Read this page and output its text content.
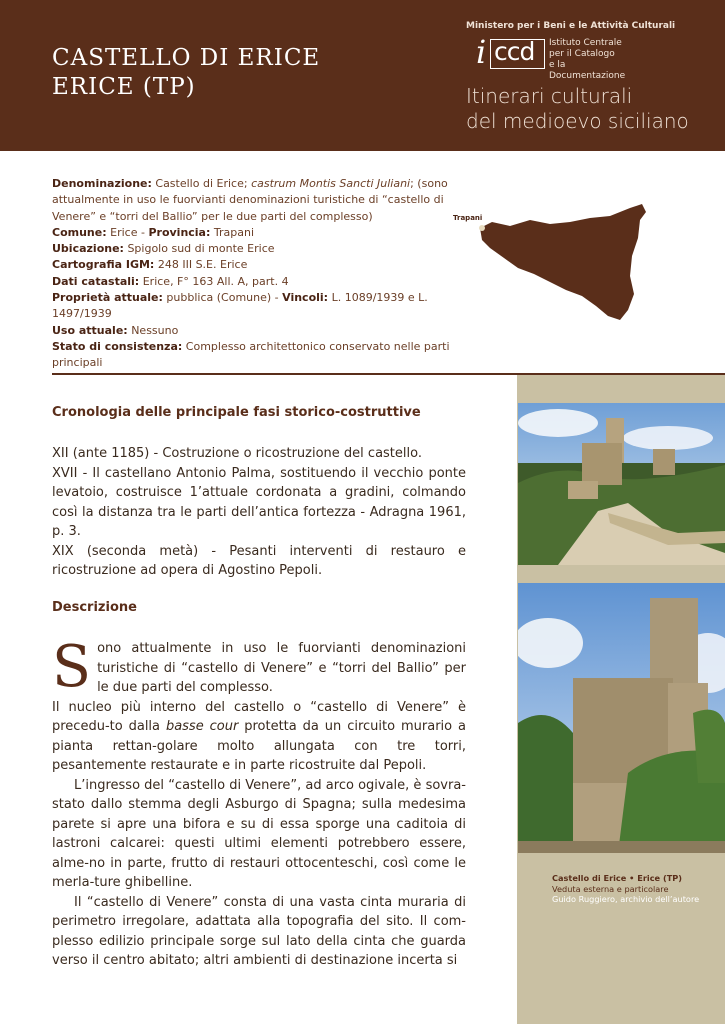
CASTELLO DI ERICE
ERICE (TP)
Ministero per i Beni e le Attività Culturali
i ccd Istituto Centrale
per il Catalogo
e la Documentazione
Itinerari culturali
del medioevo siciliano
Denominazione: Castello di Erice; castrum Montis Sancti Juliani; (sono attualmente in uso le fuorvianti denominazioni turistiche di “castello di Venere” e “torri del Ballio” per le due parti del complesso)
Comune: Erice - Provincia: Trapani
Ubicazione: Spigolo sud di monte Erice
Cartografia IGM: 248 III S.E. Erice
Dati catastali: Erice, F° 163 All. A, part. 4
Proprietà attuale: pubblica (Comune) - Vincoli: L. 1089/1939 e L. 1497/1939
Uso attuale: Nessuno
Stato di consistenza: Complesso architettonico conservato nelle parti principali
Trapani
Castello di Erice • Erice (TP)
Veduta esterna e particolare
Guido Ruggiero, archivio dell’autore
Cronologia delle principale fasi storico-costruttive
XII (ante 1185) - Costruzione o ricostruzione del castello.
XVII - Il castellano Antonio Palma, sostituendo il vecchio ponte levatoio, costruisce 1’attuale cordonata a gradini, colmando così la distanza tra le parti dell’antica fortezza - Adragna 1961, p. 3.
XIX (seconda metà) - Pesanti interventi di restauro e ricostruzione ad opera di Agostino Pepoli.
Descrizione

Sono attualmente in uso le fuorvianti denominazioni turistiche di “castello di Venere” e “torri del Ballio” per le due parti del complesso.

Il nucleo più interno del castello o “castello di Venere” è precedu-to dalla basse cour protetta da un circuito murario a pianta rettan-golare molto allungata con tre torri, pesantemente restaurate e in parte ricostruite dal Pepoli.

L’ingresso del “castello di Venere”, ad arco ogivale, è sovra-stato dallo stemma degli Asburgo di Spagna; sulla medesima parete si apre una bifora e su di essa sporge una caditoia di lastroni calcarei: questi ultimi elementi potrebbero essere, alme-no in parte, frutto di restauri ottocenteschi, così come le merla-ture ghibelline.

Il “castello di Venere” consta di una vasta cinta muraria di perimetro irregolare, adattata alla topografia del sito. Il com-plesso edilizio principale sorge sul lato della cinta che guarda verso il centro abitato; altri ambienti di destinazione incerta si
